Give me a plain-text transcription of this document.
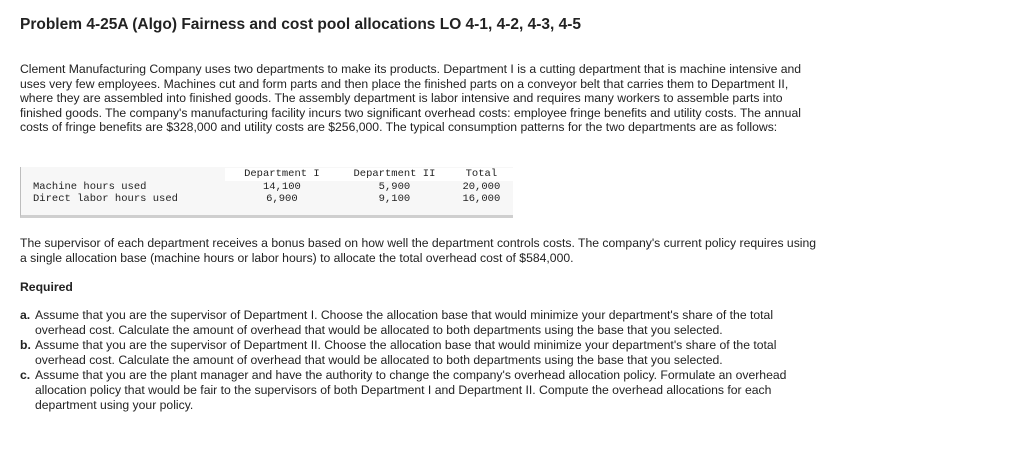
Problem 4-25A (Algo) Fairness and cost pool allocations LO 4-1, 4-2, 4-3, 4-5

Clement Manufacturing Company uses two departments to make its products. Department I is a cutting department that is machine intensive and uses very few employees. Machines cut and form parts and then place the finished parts on a conveyor belt that carries them to Department II, where they are assembled into finished goods. The assembly department is labor intensive and requires many workers to assemble parts into finished goods. The company's manufacturing facility incurs two significant overhead costs: employee fringe benefits and utility costs. The annual costs of fringe benefits are $328,000 and utility costs are $256,000. The typical consumption patterns for the two departments are as follows:

	Department I	Department II	Total
Machine hours used	14,100	5,900	20,000
Direct labor hours used	6,900	9,100	16,000

The supervisor of each department receives a bonus based on how well the department controls costs. The company's current policy requires using a single allocation base (machine hours or labor hours) to allocate the total overhead cost of $584,000.

Required

a. Assume that you are the supervisor of Department I. Choose the allocation base that would minimize your department's share of the total overhead cost. Calculate the amount of overhead that would be allocated to both departments using the base that you selected.
b. Assume that you are the supervisor of Department II. Choose the allocation base that would minimize your department's share of the total overhead cost. Calculate the amount of overhead that would be allocated to both departments using the base that you selected.
c. Assume that you are the plant manager and have the authority to change the company's overhead allocation policy. Formulate an overhead allocation policy that would be fair to the supervisors of both Department I and Department II. Compute the overhead allocations for each department using your policy.
